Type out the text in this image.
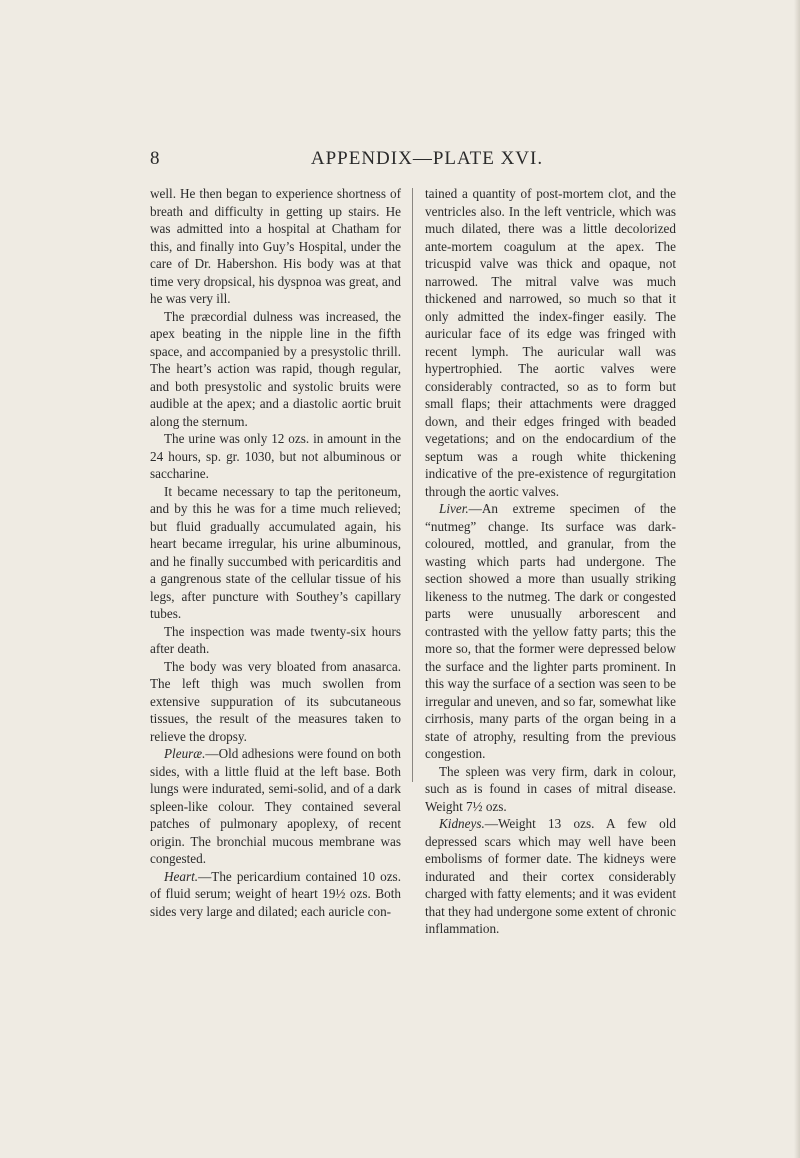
8	APPENDIX—PLATE XVI.

well. He then began to experience shortness of breath and difficulty in getting up stairs. He was admitted into a hospital at Chatham for this, and finally into Guy’s Hospital, under the care of Dr. Habershon. His body was at that time very dropsical, his dyspnoa was great, and he was very ill.

The præcordial dulness was increased, the apex beating in the nipple line in the fifth space, and accompanied by a presystolic thrill. The heart’s action was rapid, though regular, and both presystolic and systolic bruits were audible at the apex; and a diastolic aortic bruit along the sternum.

The urine was only 12 ozs. in amount in the 24 hours, sp. gr. 1030, but not albuminous or saccharine.

It became necessary to tap the peritoneum, and by this he was for a time much relieved; but fluid gradually accumulated again, his heart became irregular, his urine albuminous, and he finally succumbed with pericarditis and a gangrenous state of the cellular tissue of his legs, after puncture with Southey’s capillary tubes.

The inspection was made twenty-six hours after death.

The body was very bloated from anasarca. The left thigh was much swollen from extensive suppuration of its subcutaneous tissues, the result of the measures taken to relieve the dropsy.

Pleuræ.—Old adhesions were found on both sides, with a little fluid at the left base. Both lungs were indurated, semi-solid, and of a dark spleen-like colour. They contained several patches of pulmonary apoplexy, of recent origin. The bronchial mucous membrane was congested.

Heart.—The pericardium contained 10 ozs. of fluid serum; weight of heart 19½ ozs. Both sides very large and dilated; each auricle con-

tained a quantity of post-mortem clot, and the ventricles also. In the left ventricle, which was much dilated, there was a little decolorized ante-mortem coagulum at the apex. The tricuspid valve was thick and opaque, not narrowed. The mitral valve was much thickened and narrowed, so much so that it only admitted the index-finger easily. The auricular face of its edge was fringed with recent lymph. The auricular wall was hypertrophied. The aortic valves were considerably contracted, so as to form but small flaps; their attachments were dragged down, and their edges fringed with beaded vegetations; and on the endocardium of the septum was a rough white thickening indicative of the pre-existence of regurgitation through the aortic valves.

Liver.—An extreme specimen of the “nutmeg” change. Its surface was dark-coloured, mottled, and granular, from the wasting which parts had undergone. The section showed a more than usually striking likeness to the nutmeg. The dark or congested parts were unusually arborescent and contrasted with the yellow fatty parts; this the more so, that the former were depressed below the surface and the lighter parts prominent. In this way the surface of a section was seen to be irregular and uneven, and so far, somewhat like cirrhosis, many parts of the organ being in a state of atrophy, resulting from the previous congestion.

The spleen was very firm, dark in colour, such as is found in cases of mitral disease. Weight 7½ ozs.

Kidneys.—Weight 13 ozs. A few old depressed scars which may well have been embolisms of former date. The kidneys were indurated and their cortex considerably charged with fatty elements; and it was evident that they had undergone some extent of chronic inflammation.
